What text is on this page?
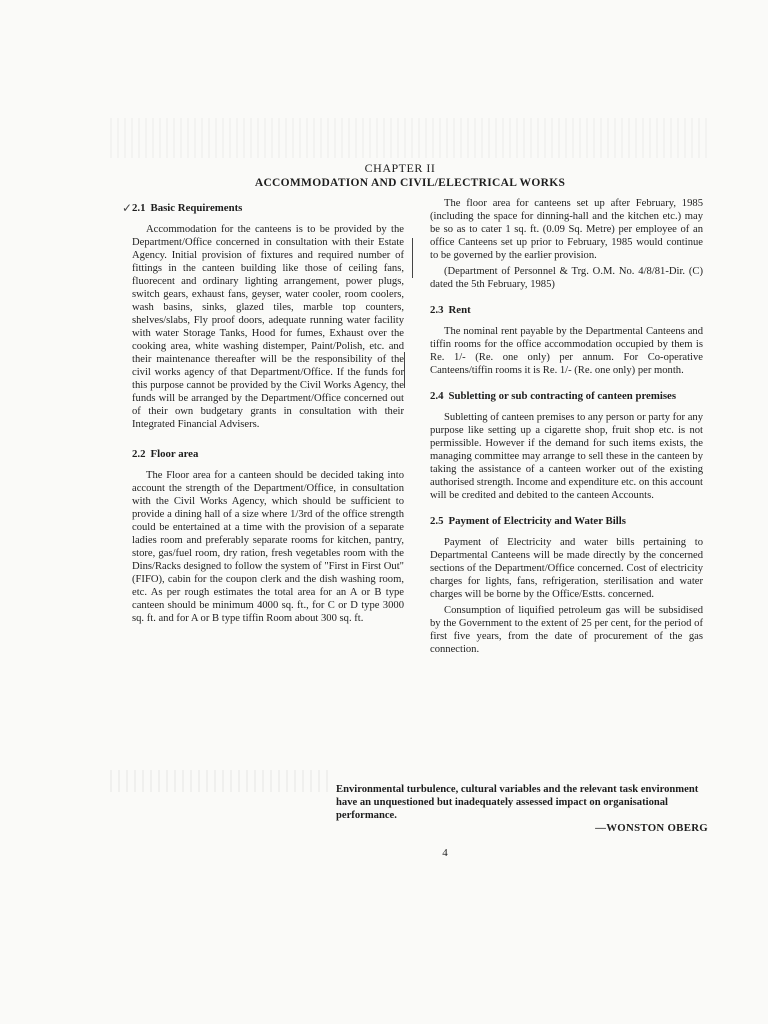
CHAPTER II
ACCOMMODATION AND CIVIL/ELECTRICAL WORKS
2.1 Basic Requirements

Accommodation for the canteens is to be provided by the Department/Office concerned in consultation with their Estate Agency. Initial provision of fixtures and required number of fittings in the canteen building like those of ceiling fans, fluorecent and ordinary lighting arrangement, power plugs, switch gears, exhaust fans, geyser, water cooler, room coolers, wash basins, sinks, glazed tiles, marble top counters, shelves/slabs, Fly proof doors, adequate running water facility with water Storage Tanks, Hood for fumes, Exhaust over the cooking area, white washing distemper, Paint/Polish, etc. and their maintenance thereafter will be the responsibility of the civil works agency of that Department/Office. If the funds for this purpose cannot be provided by the Civil Works Agency, the funds will be arranged by the Department/Office concerned out of their own budgetary grants in consultation with their Integrated Financial Advisers.

2.2 Floor area

The Floor area for a canteen should be decided taking into account the strength of the Department/Office, in consultation with the Civil Works Agency, which should be sufficient to provide a dining hall of a size where 1/3rd of the office strength could be entertained at a time with the provision of a separate ladies room and preferably separate rooms for kitchen, pantry, store, gas/fuel room, dry ration, fresh vegetables room with the Dins/Racks designed to follow the system of "First in First Out" (FIFO), cabin for the coupon clerk and the dish washing room, etc. As per rough estimates the total area for an A or B type canteen should be minimum 4000 sq. ft., for C or D type 3000 sq. ft. and for A or B type tiffin Room about 300 sq. ft.

✓	The floor area for canteens set up after February, 1985 (including the space for dinning-hall and the kitchen etc.) may be so as to cater 1 sq. ft. (0.09 Sq. Metre) per employee of an office Canteens set up prior to February, 1985 would continue to be governed by the earlier provision.

(Department of Personnel & Trg. O.M. No. 4/8/81-Dir. (C) dated the 5th February, 1985)

2.3 Rent

The nominal rent payable by the Departmental Canteens and tiffin rooms for the office accommodation occupied by them is Re. 1/- (Re. one only) per annum. For Co-operative Canteens/tiffin rooms it is Re. 1/- (Re. one only) per month.

2.4 Subletting or sub contracting of canteen premises

Subletting of canteen premises to any person or party for any purpose like setting up a cigarette shop, fruit shop etc. is not permissible. However if the demand for such items exists, the managing committee may arrange to sell these in the canteen by taking the assistance of a canteen worker out of the existing authorised strength. Income and expenditure etc. on this account will be credited and debited to the canteen Accounts.

2.5 Payment of Electricity and Water Bills

Payment of Electricity and water bills pertaining to Departmental Canteens will be made directly by the concerned sections of the Department/Office concerned. Cost of electricity charges for lights, fans, refrigeration, sterilisation and water charges will be borne by the Office/Estts. concerned.

Consumption of liquified petroleum gas will be subsidised by the Government to the extent of 25 per cent, for the period of first five years, from the date of procurement of the gas connection.

Environmental turbulence, cultural variables and the relevant task environment have an unquestioned but inadequately assessed impact on organisational performance.
—WONSTON OBERG
4
